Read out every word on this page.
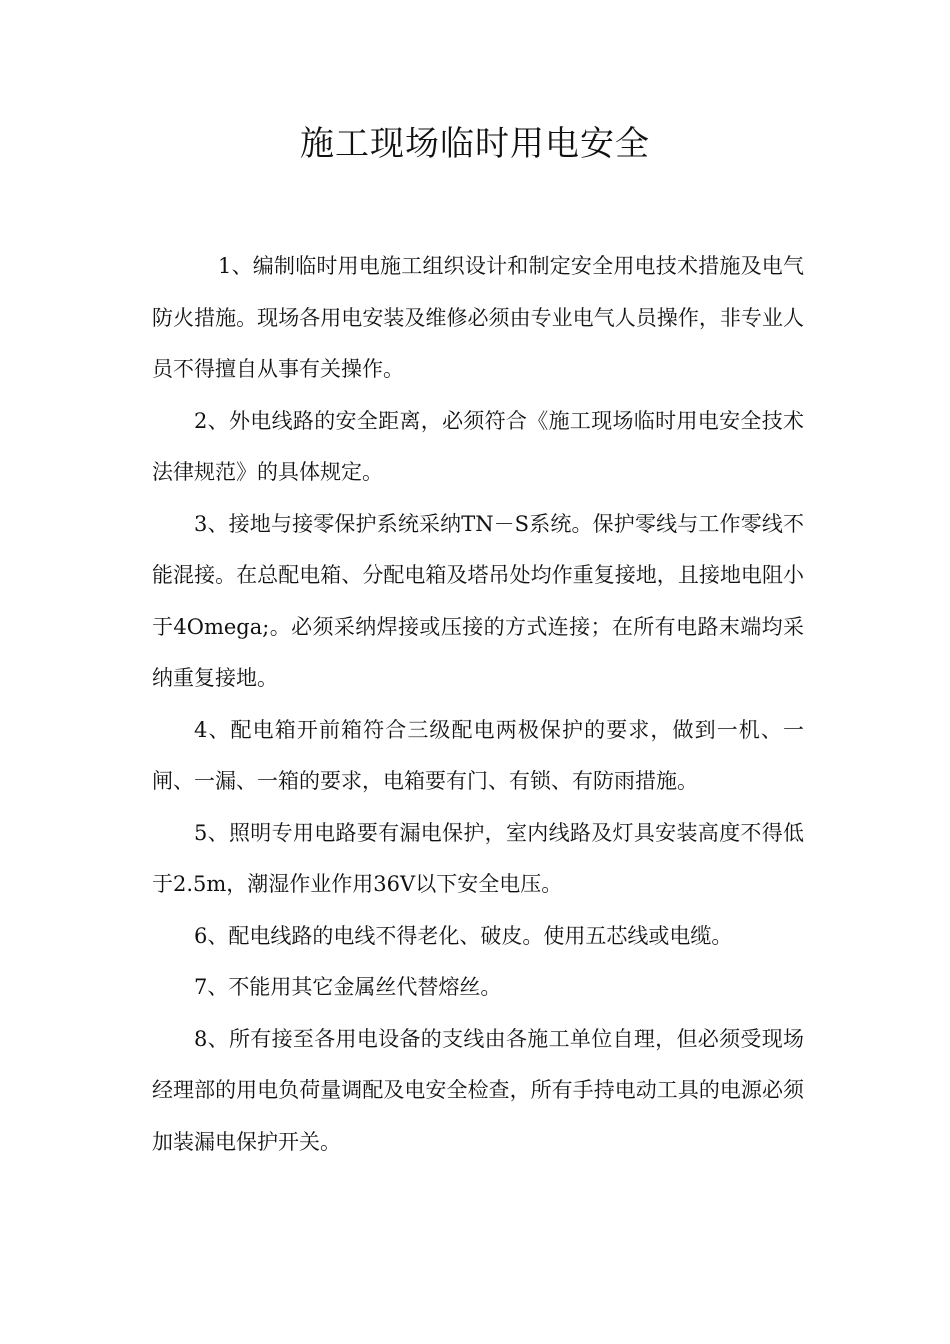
施工现场临时用电安全

1、编制临时用电施工组织设计和制定安全用电技术措施及电气防火措施。现场各用电安装及维修必须由专业电气人员操作，非专业人员不得擅自从事有关操作。

2、外电线路的安全距离，必须符合《施工现场临时用电安全技术法律规范》的具体规定。

3、接地与接零保护系统采纳TN－S系统。保护零线与工作零线不能混接。在总配电箱、分配电箱及塔吊处均作重复接地，且接地电阻小于4Omega;。必须采纳焊接或压接的方式连接；在所有电路末端均采纳重复接地。

4、配电箱开前箱符合三级配电两极保护的要求，做到一机、一闸、一漏、一箱的要求，电箱要有门、有锁、有防雨措施。

5、照明专用电路要有漏电保护，室内线路及灯具安装高度不得低于2.5m，潮湿作业作用36V以下安全电压。

6、配电线路的电线不得老化、破皮。使用五芯线或电缆。

7、不能用其它金属丝代替熔丝。

8、所有接至各用电设备的支线由各施工单位自理，但必须受现场经理部的用电负荷量调配及电安全检查，所有手持电动工具的电源必须加装漏电保护开关。
